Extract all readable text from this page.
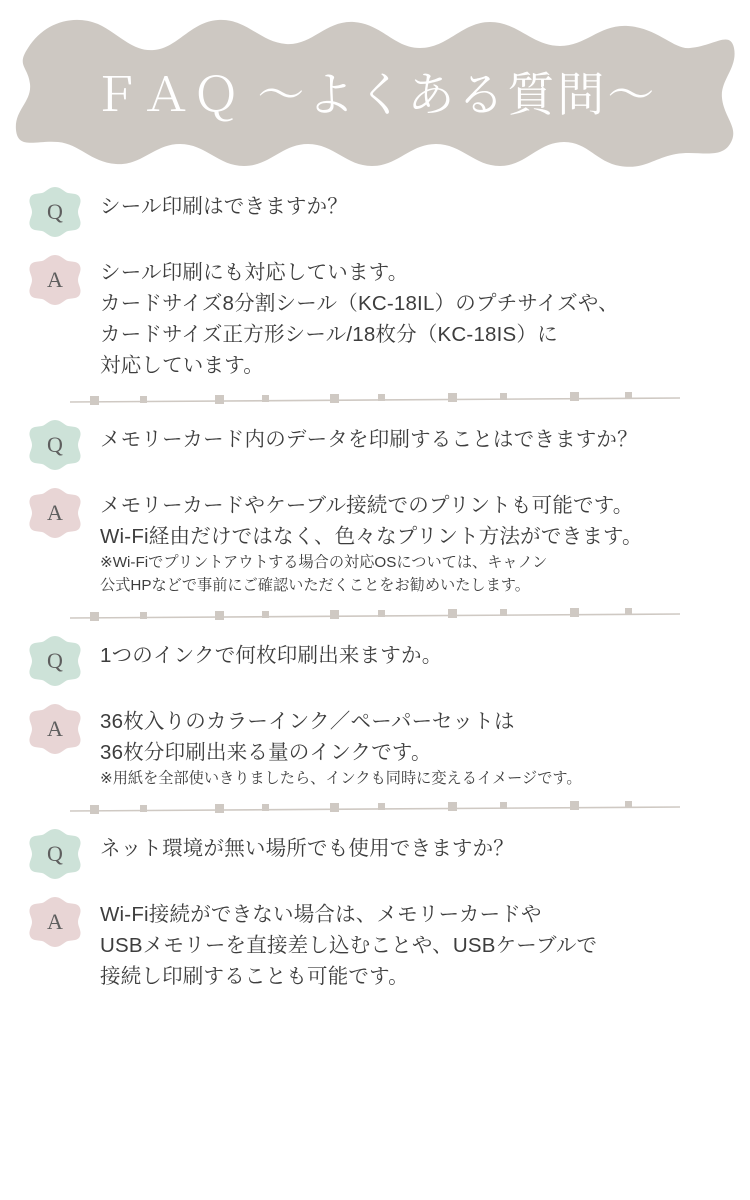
ＦＡＱ ～よくある質問～
Q	シール印刷はできますか？
A	シール印刷にも対応しています。
カードサイズ8分割シール（KC-18IL）のプチサイズや、
カードサイズ正方形シール/18枚分（KC-18IS）に
対応しています。
Q	メモリーカード内のデータを印刷することはできますか？
A	メモリーカードやケーブル接続でのプリントも可能です。
Wi-Fi経由だけではなく、色々なプリント方法ができます。
※Wi-Fiでプリントアウトする場合の対応OSについては、キャノン
公式HPなどで事前にご確認いただくことをお勧めいたします。
Q	1つのインクで何枚印刷出来ますか。
A	36枚入りのカラーインク／ペーパーセットは
36枚分印刷出来る量のインクです。
※用紙を全部使いきりましたら、インクも同時に変えるイメージです。
Q	ネット環境が無い場所でも使用できますか？
A	Wi-Fi接続ができない場合は、メモリーカードや
USBメモリーを直接差し込むことや、USBケーブルで
接続し印刷することも可能です。
